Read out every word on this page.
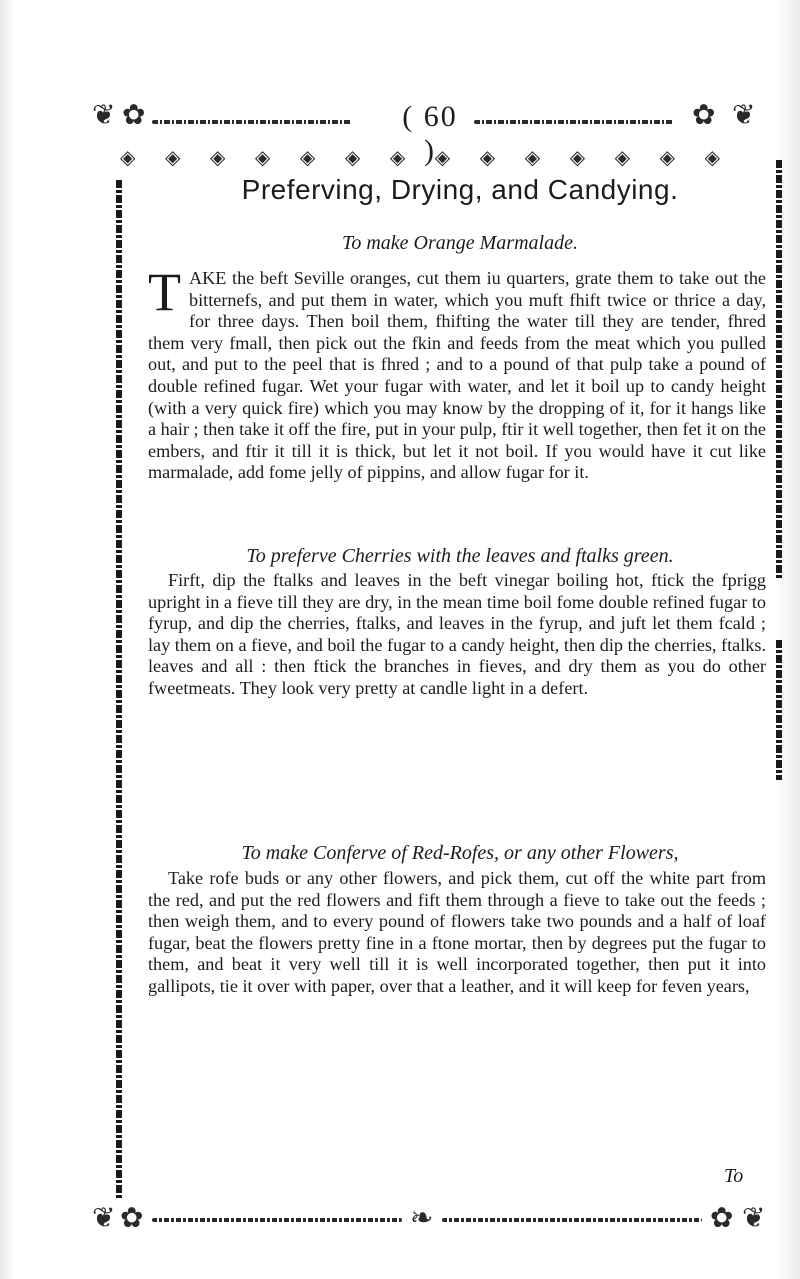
❦ ✿	( 60 )
✿ ❦
◈ ◈ ◈ ◈ ◈ ◈ ◈ ◈ ◈ ◈ ◈ ◈ ◈ ◈
Preferving, Drying, and Candying.
To make Orange Marmalade.
TAKE the beft Seville oranges, cut them iu quarters, grate them to take out the bitternefs, and put them in water, which you muft fhift twice or thrice a day, for three days. Then boil them, fhifting the water till they are tender, fhred them very fmall, then pick out the fkin and feeds from the meat which you pulled out, and put to the peel that is fhred ; and to a pound of that pulp take a pound of double refined fugar. Wet your fugar with water, and let it boil up to candy height (with a very quick fire) which you may know by the dropping of it, for it hangs like a hair ; then take it off the fire, put in your pulp, ftir it well together, then fet it on the embers, and ftir it till it is thick, but let it not boil. If you would have it cut like marmalade, add fome jelly of pippins, and allow fugar for it.
To preferve Cherries with the leaves and ftalks green.

Firft, dip the ftalks and leaves in the beft vinegar boiling hot, ftick the fprigg upright in a fieve till they are dry, in the mean time boil fome double refined fugar to fyrup, and dip the cherries, ftalks, and leaves in the fyrup, and juft let them fcald ; lay them on a fieve, and boil the fugar to a candy height, then dip the cherries, ftalks. leaves and all : then ftick the branches in fieves, and dry them as you do other fweetmeats. They look very pretty at candle light in a defert.

To make Conferve of Red-Rofes, or any other Flowers,

Take rofe buds or any other flowers, and pick them, cut off the white part from the red, and put the red flowers and fift them through a fieve to take out the feeds ; then weigh them, and to every pound of flowers take two pounds and a half of loaf fugar, beat the flowers pretty fine in a ftone mortar, then by degrees put the fugar to them, and beat it very well till it is well incorporated together, then put it into gallipots, tie it over with paper, over that a leather, and it will keep for feven years,

To
❦ ✿	❧	✿ ❦
